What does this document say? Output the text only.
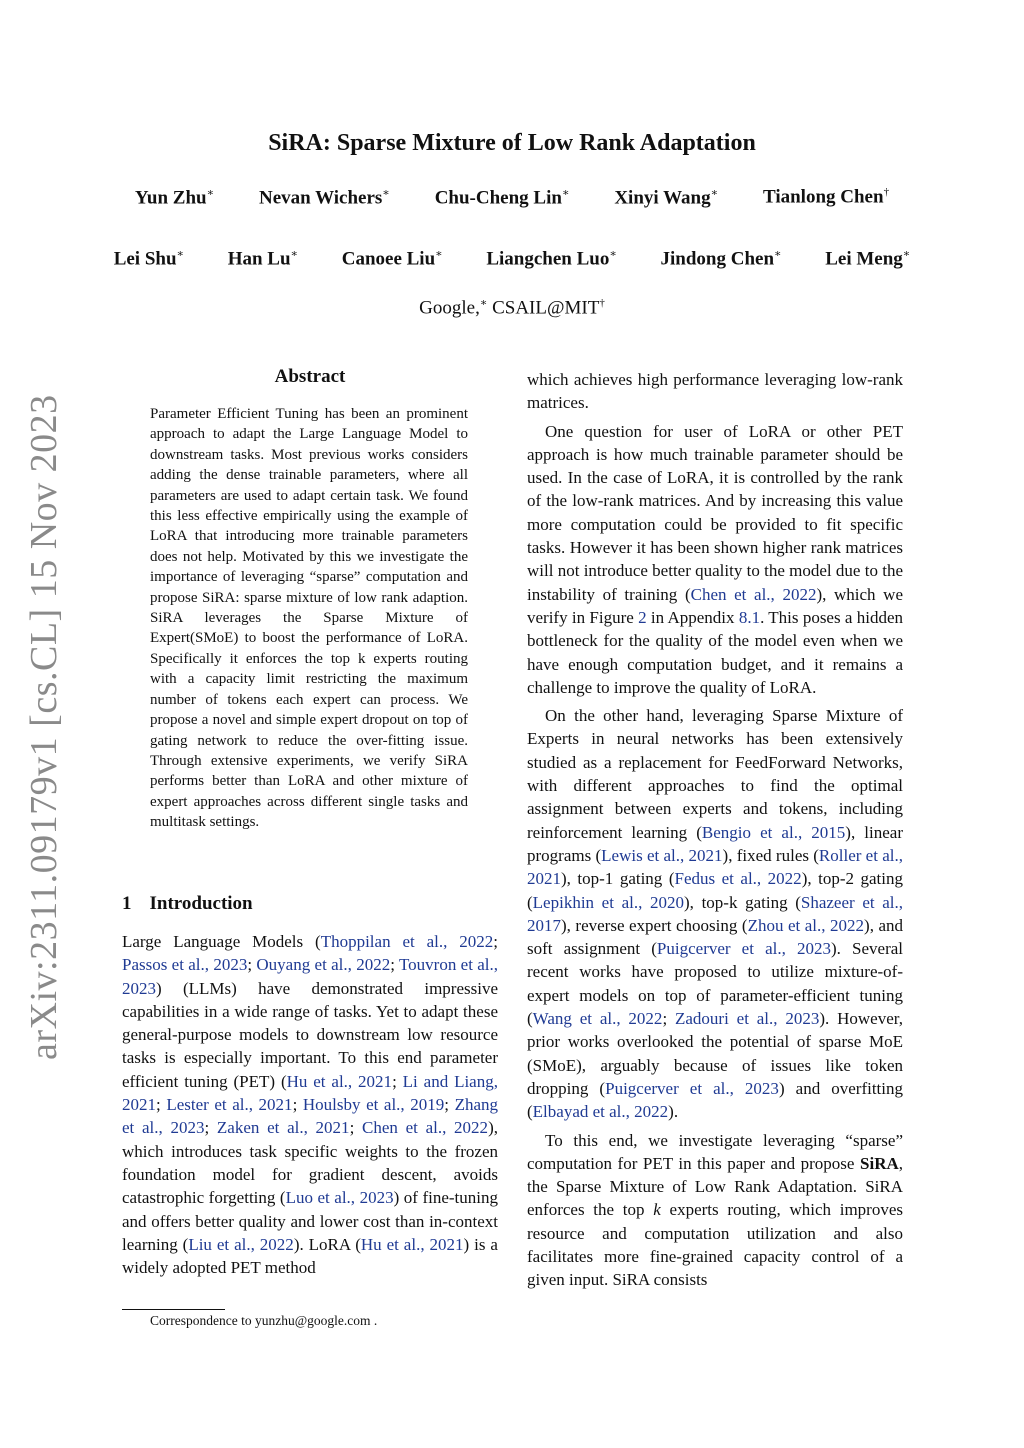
SiRA: Sparse Mixture of Low Rank Adaptation
Yun Zhu∗ Nevan Wichers∗ Chu-Cheng Lin∗ Xinyi Wang∗ Tianlong Chen†
Lei Shu∗ Han Lu∗ Canoee Liu∗ Liangchen Luo∗ Jindong Chen∗ Lei Meng∗
Google,∗ CSAIL@MIT†
arXiv:2311.09179v1 [cs.CL] 15 Nov 2023
Abstract
Parameter Efficient Tuning has been an prominent approach to adapt the Large Language Model to downstream tasks. Most previous works considers adding the dense trainable parameters, where all parameters are used to adapt certain task. We found this less effective empirically using the example of LoRA that introducing more trainable parameters does not help. Motivated by this we investigate the importance of leveraging “sparse” computation and propose SiRA: sparse mixture of low rank adaption. SiRA leverages the Sparse Mixture of Expert(SMoE) to boost the performance of LoRA. Specifically it enforces the top k experts routing with a capacity limit restricting the maximum number of tokens each expert can process. We propose a novel and simple expert dropout on top of gating network to reduce the over-fitting issue. Through extensive experiments, we verify SiRA performs better than LoRA and other mixture of expert approaches across different single tasks and multitask settings.
1 Introduction

Large Language Models (Thoppilan et al., 2022; Passos et al., 2023; Ouyang et al., 2022; Touvron et al., 2023) (LLMs) have demonstrated impressive capabilities in a wide range of tasks. Yet to adapt these general-purpose models to downstream low resource tasks is especially important. To this end parameter efficient tuning (PET) (Hu et al., 2021; Li and Liang, 2021; Lester et al., 2021; Houlsby et al., 2019; Zhang et al., 2023; Zaken et al., 2021; Chen et al., 2022), which introduces task specific weights to the frozen foundation model for gradient descent, avoids catastrophic forgetting (Luo et al., 2023) of fine-tuning and offers better quality and lower cost than in-context learning (Liu et al., 2022). LoRA (Hu et al., 2021) is a widely adopted PET method

which achieves high performance leveraging low-rank matrices.

One question for user of LoRA or other PET approach is how much trainable parameter should be used. In the case of LoRA, it is controlled by the rank of the low-rank matrices. And by increasing this value more computation could be provided to fit specific tasks. However it has been shown higher rank matrices will not introduce better quality to the model due to the instability of training (Chen et al., 2022), which we verify in Figure 2 in Appendix 8.1. This poses a hidden bottleneck for the quality of the model even when we have enough computation budget, and it remains a challenge to improve the quality of LoRA.

On the other hand, leveraging Sparse Mixture of Experts in neural networks has been extensively studied as a replacement for FeedForward Networks, with different approaches to find the optimal assignment between experts and tokens, including reinforcement learning (Bengio et al., 2015), linear programs (Lewis et al., 2021), fixed rules (Roller et al., 2021), top-1 gating (Fedus et al., 2022), top-2 gating (Lepikhin et al., 2020), top-k gating (Shazeer et al., 2017), reverse expert choosing (Zhou et al., 2022), and soft assignment (Puigcerver et al., 2023). Several recent works have proposed to utilize mixture-of-expert models on top of parameter-efficient tuning (Wang et al., 2022; Zadouri et al., 2023). However, prior works overlooked the potential of sparse MoE (SMoE), arguably because of issues like token dropping (Puigcerver et al., 2023) and overfitting (Elbayad et al., 2022).

To this end, we investigate leveraging “sparse” computation for PET in this paper and propose SiRA, the Sparse Mixture of Low Rank Adaptation. SiRA enforces the top k experts routing, which improves resource and computation utilization and also facilitates more fine-grained capacity control of a given input. SiRA consists

Correspondence to yunzhu@google.com .
